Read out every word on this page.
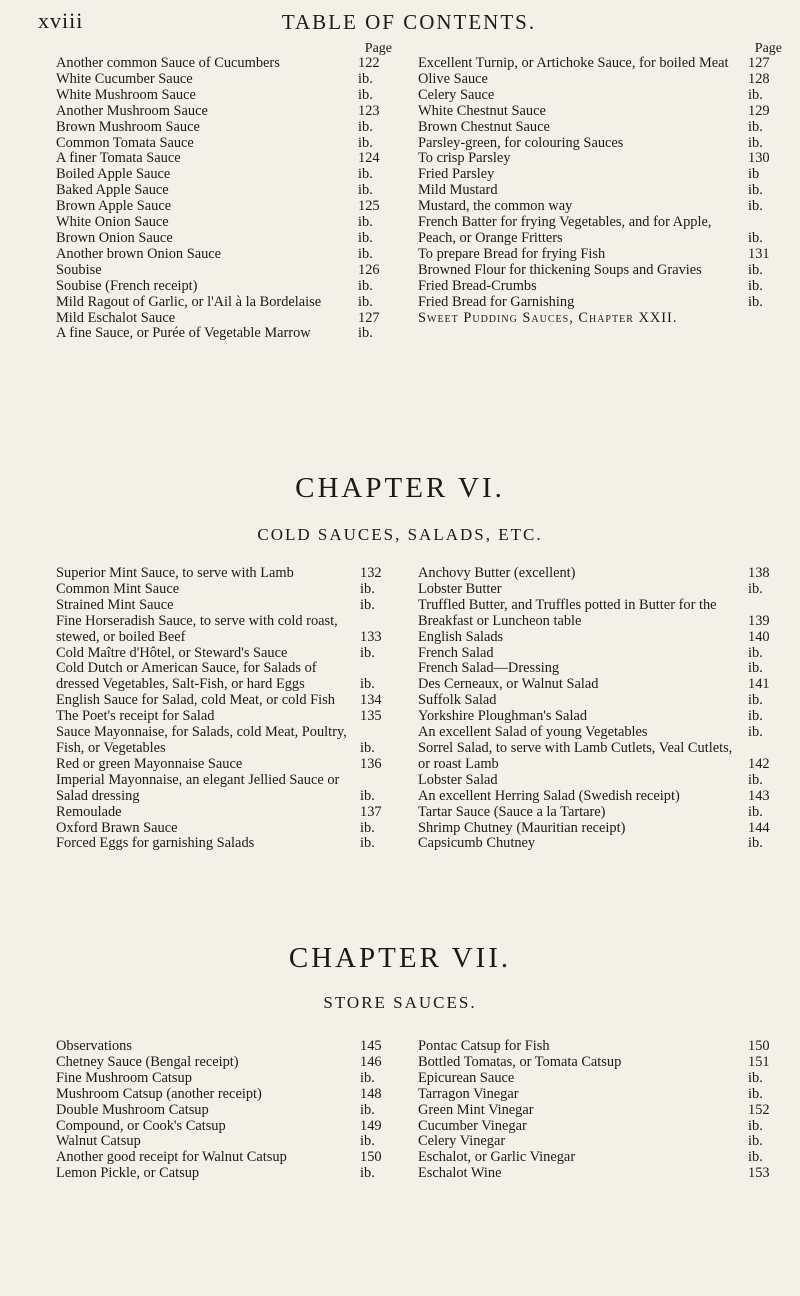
xviii	TABLE OF CONTENTS.
Page
Another common Sauce of Cucumbers	122
White Cucumber Sauce	ib.
White Mushroom Sauce	ib.
Another Mushroom Sauce	123
Brown Mushroom Sauce	ib.
Common Tomata Sauce	ib.
A finer Tomata Sauce	124
Boiled Apple Sauce	ib.
Baked Apple Sauce	ib.
Brown Apple Sauce	125
White Onion Sauce	ib.
Brown Onion Sauce	ib.
Another brown Onion Sauce	ib.
Soubise	126
Soubise (French receipt)	ib.
Mild Ragout of Garlic, or l'Ail à la Bordelaise	ib.
Mild Eschalot Sauce	127
A fine Sauce, or Purée of Vegetable Marrow	ib.
Page
Excellent Turnip, or Artichoke Sauce, for boiled Meat	127
Olive Sauce	128
Celery Sauce	ib.
White Chestnut Sauce	129
Brown Chestnut Sauce	ib.
Parsley-green, for colouring Sauces	ib.
To crisp Parsley	130
Fried Parsley	ib
Mild Mustard	ib.
Mustard, the common way	ib.
French Batter for frying Vegetables, and for Apple, Peach, or Orange Fritters	ib.
To prepare Bread for frying Fish	131
Browned Flour for thickening Soups and Gravies	ib.
Fried Bread-Crumbs	ib.
Fried Bread for Garnishing	ib.
Sweet Pudding Sauces, Chapter XXII.
CHAPTER VI.
COLD SAUCES, SALADS, ETC.
Superior Mint Sauce, to serve with Lamb	132
Common Mint Sauce	ib.
Strained Mint Sauce	ib.
Fine Horseradish Sauce, to serve with cold roast, stewed, or boiled Beef	133
Cold Maître d'Hôtel, or Steward's Sauce	ib.
Cold Dutch or American Sauce, for Salads of dressed Vegetables, Salt-Fish, or hard Eggs	ib.
English Sauce for Salad, cold Meat, or cold Fish	134
The Poet's receipt for Salad	135
Sauce Mayonnaise, for Salads, cold Meat, Poultry, Fish, or Vegetables	ib.
Red or green Mayonnaise Sauce	136
Imperial Mayonnaise, an elegant Jellied Sauce or Salad dressing	ib.
Remoulade	137
Oxford Brawn Sauce	ib.
Forced Eggs for garnishing Salads	ib.
Anchovy Butter (excellent)	138
Lobster Butter	ib.
Truffled Butter, and Truffles potted in Butter for the Breakfast or Luncheon table	139
English Salads	140
French Salad	ib.
French Salad—Dressing	ib.
Des Cerneaux, or Walnut Salad	141
Suffolk Salad	ib.
Yorkshire Ploughman's Salad	ib.
An excellent Salad of young Vegetables	ib.
Sorrel Salad, to serve with Lamb Cutlets, Veal Cutlets, or roast Lamb	142
Lobster Salad	ib.
An excellent Herring Salad (Swedish receipt)	143
Tartar Sauce (Sauce a la Tartare)	ib.
Shrimp Chutney (Mauritian receipt)	144
Capsicumb Chutney	ib.
CHAPTER VII.
STORE SAUCES.
Observations	145
Chetney Sauce (Bengal receipt)	146
Fine Mushroom Catsup	ib.
Mushroom Catsup (another receipt)	148
Double Mushroom Catsup	ib.
Compound, or Cook's Catsup	149
Walnut Catsup	ib.
Another good receipt for Walnut Catsup	150
Lemon Pickle, or Catsup	ib.
Pontac Catsup for Fish	150
Bottled Tomatas, or Tomata Catsup	151
Epicurean Sauce	ib.
Tarragon Vinegar	ib.
Green Mint Vinegar	152
Cucumber Vinegar	ib.
Celery Vinegar	ib.
Eschalot, or Garlic Vinegar	ib.
Eschalot Wine	153
